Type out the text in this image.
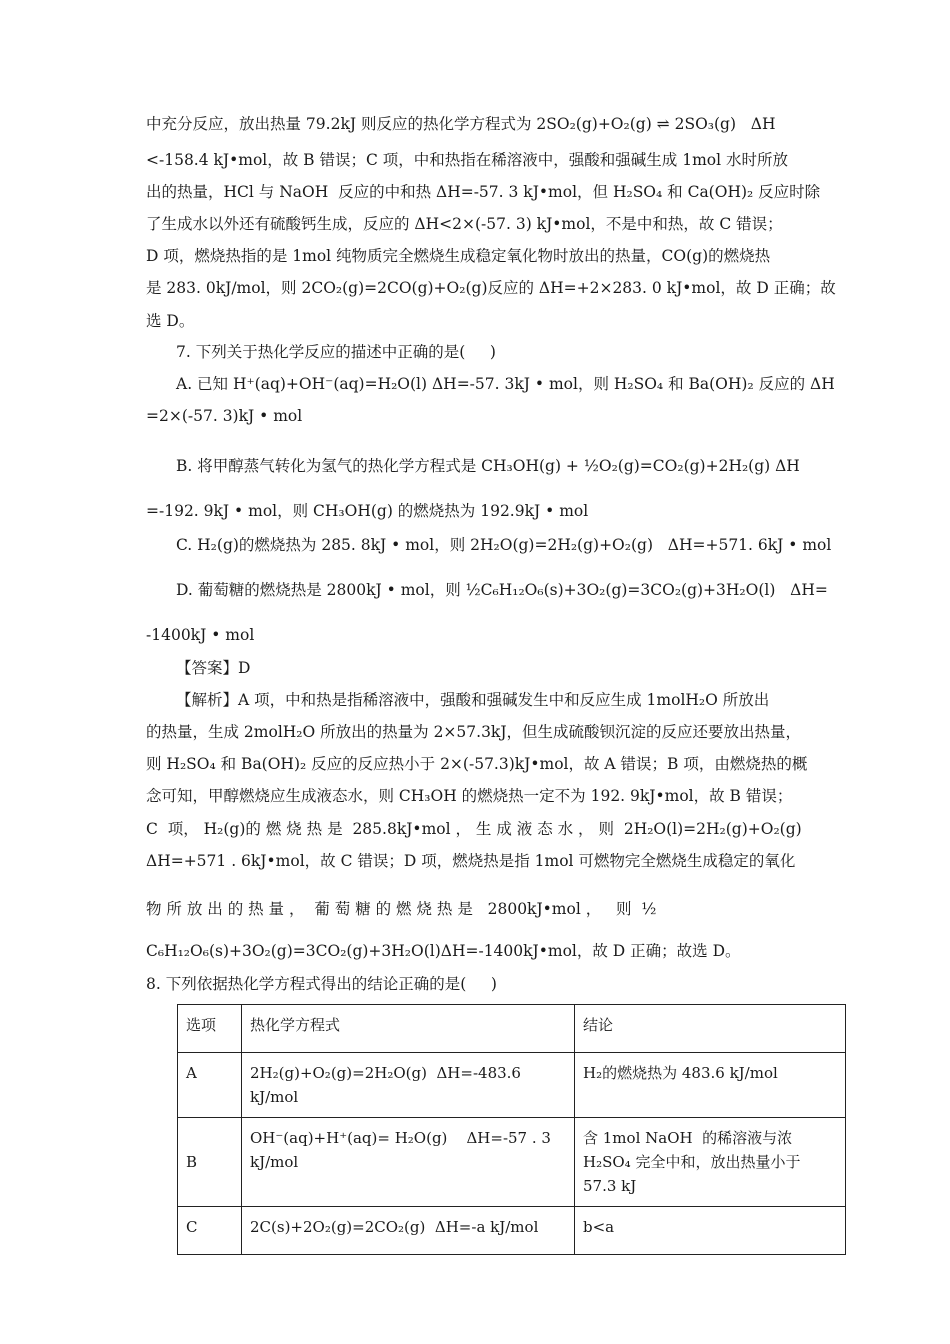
中充分反应，放出热量 79.2kJ 则反应的热化学方程式为 2SO₂(g)+O₂(g) ⇌ 2SO₃(g)   ΔH
<-158.4 kJ•mol，故 B 错误；C 项，中和热指在稀溶液中，强酸和强碱生成 1mol 水时所放
出的热量，HCl 与 NaOH  反应的中和热 ΔH=-57. 3 kJ•mol，但 H₂SO₄ 和 Ca(OH)₂ 反应时除
了生成水以外还有硫酸钙生成，反应的 ΔH<2×(-57. 3) kJ•mol，不是中和热，故 C 错误；
D 项，燃烧热指的是 1mol 纯物质完全燃烧生成稳定氧化物时放出的热量，CO(g)的燃烧热
是 283. 0kJ/mol，则 2CO₂(g)=2CO(g)+O₂(g)反应的 ΔH=+2×283. 0 kJ•mol，故 D 正确；故
选 D。
7. 下列关于热化学反应的描述中正确的是(     )
A. 已知 H⁺(aq)+OH⁻(aq)=H₂O(l) ΔH=-57. 3kJ • mol，则 H₂SO₄ 和 Ba(OH)₂ 反应的 ΔH
=2×(-57. 3)kJ • mol
B. 将甲醇蒸气转化为氢气的热化学方程式是 CH₃OH(g) + ½O₂(g)=CO₂(g)+2H₂(g) ΔH
=-192. 9kJ • mol，则 CH₃OH(g) 的燃烧热为 192.9kJ • mol
C. H₂(g)的燃烧热为 285. 8kJ • mol，则 2H₂O(g)=2H₂(g)+O₂(g)   ΔH=+571. 6kJ • mol
D. 葡萄糖的燃烧热是 2800kJ • mol，则 ½C₆H₁₂O₆(s)+3O₂(g)=3CO₂(g)+3H₂O(l)   ΔH=
-1400kJ • mol
【答案】D
【解析】A 项，中和热是指稀溶液中，强酸和强碱发生中和反应生成 1molH₂O 所放出
的热量，生成 2molH₂O 所放出的热量为 2×57.3kJ，但生成硫酸钡沉淀的反应还要放出热量，
则 H₂SO₄ 和 Ba(OH)₂ 反应的反应热小于 2×(-57.3)kJ•mol，故 A 错误；B 项，由燃烧热的概
念可知，甲醇燃烧应生成液态水，则 CH₃OH 的燃烧热一定不为 192. 9kJ•mol，故 B 错误；
C  项， H₂(g)的 燃 烧 热 是  285.8kJ•mol ， 生 成 液 态 水 ， 则  2H₂O(l)=2H₂(g)+O₂(g)
ΔH=+571 . 6kJ•mol，故 C 错误；D 项，燃烧热是指 1mol 可燃物完全燃烧生成稳定的氧化
物 所 放 出 的 热 量 ，  葡 萄 糖 的 燃 烧 热 是   2800kJ•mol ，   则  ½
C₆H₁₂O₆(s)+3O₂(g)=3CO₂(g)+3H₂O(l)ΔH=-1400kJ•mol，故 D 正确；故选 D。
8. 下列依据热化学方程式得出的结论正确的是(     )
选项	热化学方程式	结论
A	2H₂(g)+O₂(g)=2H₂O(g)  ΔH=-483.6 kJ/mol	H₂的燃烧热为 483.6 kJ/mol
B	OH⁻(aq)+H⁺(aq)= H₂O(g)    ΔH=-57 . 3 kJ/mol	含 1mol NaOH  的稀溶液与浓 H₂SO₄ 完全中和，放出热量小于 57.3 kJ
C	2C(s)+2O₂(g)=2CO₂(g)  ΔH=-a kJ/mol	b<a
